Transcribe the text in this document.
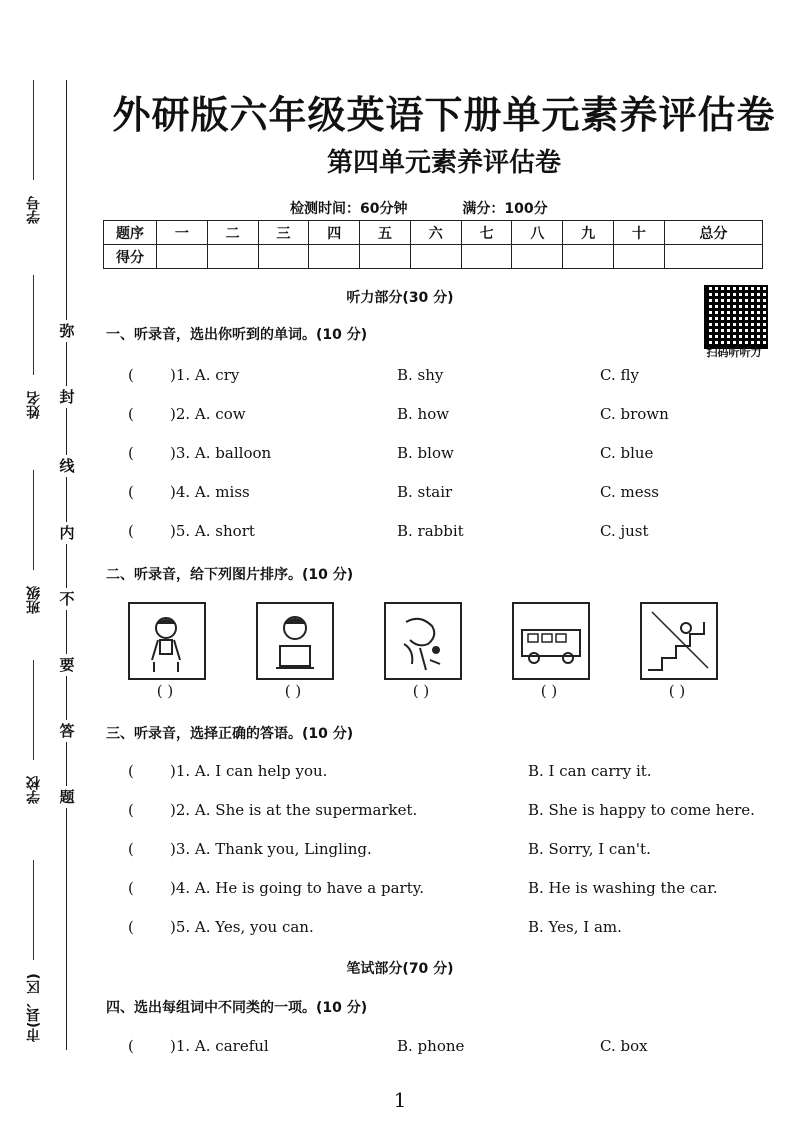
弥
封
线
内
不
要
答
题
学号
姓名
班级
学校
市(县、区)
外研版六年级英语下册单元素养评估卷
第四单元素养评估卷
检测时间：60分钟	满分：100分
题序	一	二	三	四	五	六	七	八	九	十	总分
得分											
扫码听听力
听力部分(30 分)
一、听录音，选出你听到的单词。(10 分)
( )1. A. cry	B. shy	C. fly
( )2. A. cow	B. how	C. brown
( )3. A. balloon	B. blow	C. blue
( )4. A. miss	B. stair	C. mess
( )5. A. short	B. rabbit	C. just
二、听录音，给下列图片排序。(10 分)
( )	( )	( )	( )	( )
三、听录音，选择正确的答语。(10 分)
( )1. A. I can help you.	B. I can carry it.
( )2. A. She is at the supermarket.	B. She is happy to come here.
( )3. A. Thank you, Lingling.	B. Sorry, I can't.
( )4. A. He is going to have a party.	B. He is washing the car.
( )5. A. Yes, you can.	B. Yes, I am.
笔试部分(70 分)
四、选出每组词中不同类的一项。(10 分)
( )1. A. careful	B. phone	C. box
1
